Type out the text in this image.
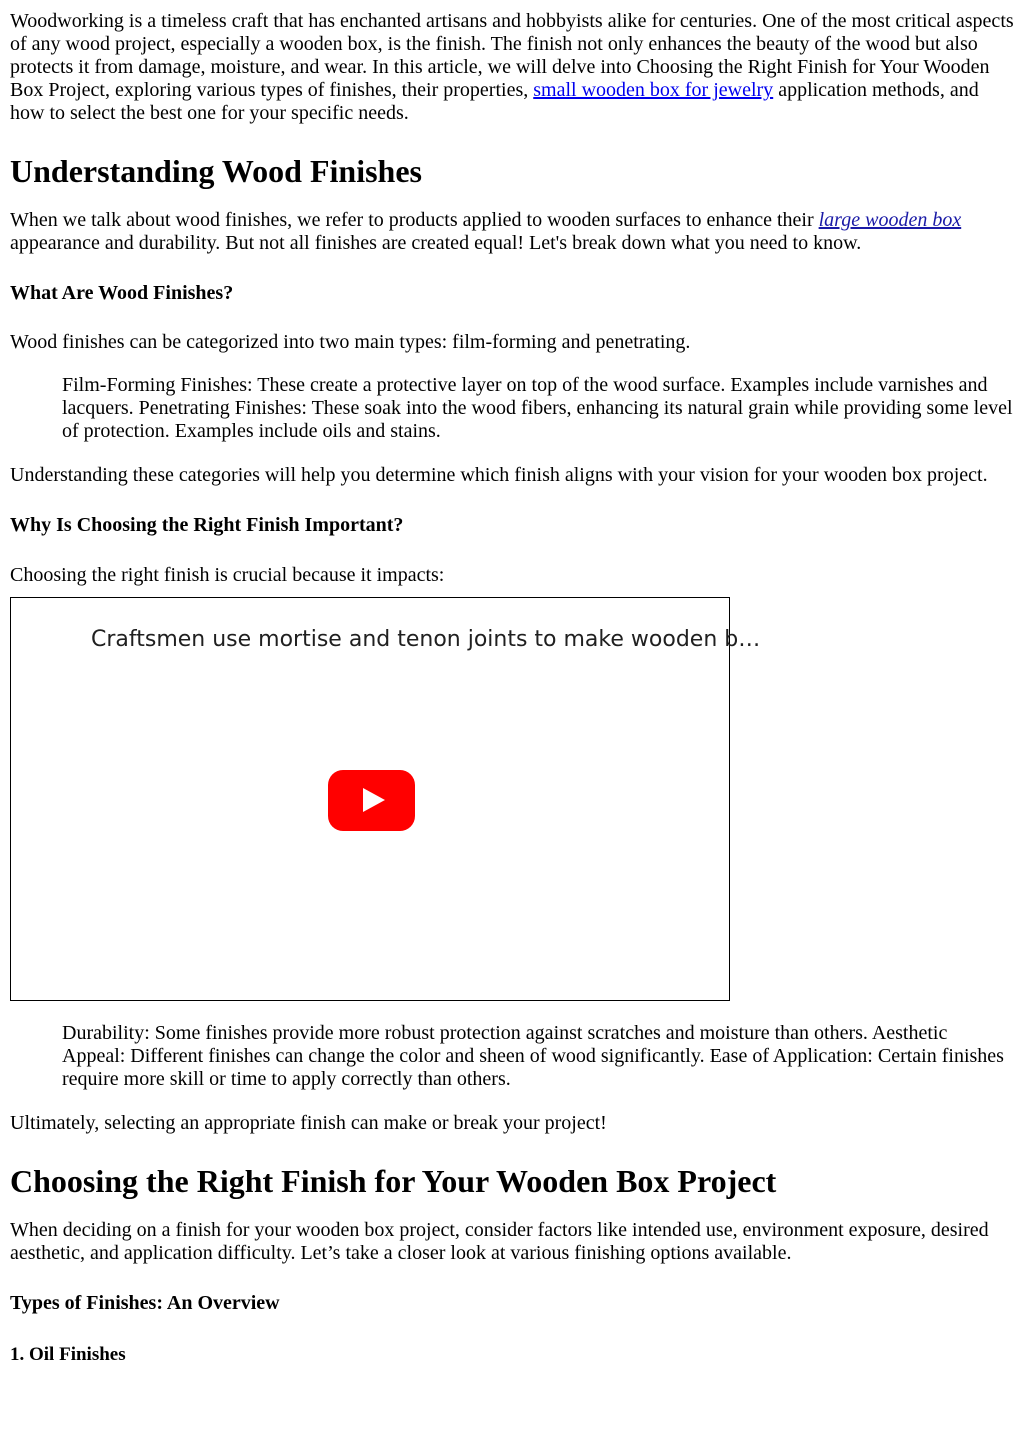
Woodworking is a timeless craft that has enchanted artisans and hobbyists alike for centuries. One of the most critical aspects of any wood project, especially a wooden box, is the finish. The finish not only enhances the beauty of the wood but also protects it from damage, moisture, and wear. In this article, we will delve into Choosing the Right Finish for Your Wooden Box Project, exploring various types of finishes, their properties, small wooden box for jewelry application methods, and how to select the best one for your specific needs.

Understanding Wood Finishes

When we talk about wood finishes, we refer to products applied to wooden surfaces to enhance their large wooden box appearance and durability. But not all finishes are created equal! Let's break down what you need to know.

What Are Wood Finishes?

Wood finishes can be categorized into two main types: film-forming and penetrating.

Film-Forming Finishes: These create a protective layer on top of the wood surface. Examples include varnishes and lacquers. Penetrating Finishes: These soak into the wood fibers, enhancing its natural grain while providing some level of protection. Examples include oils and stains.

Understanding these categories will help you determine which finish aligns with your vision for your wooden box project.

Why Is Choosing the Right Finish Important?

Choosing the right finish is crucial because it impacts:

Craftsmen use mortise and tenon joints to make wooden b…

Durability: Some finishes provide more robust protection against scratches and moisture than others. Aesthetic Appeal: Different finishes can change the color and sheen of wood significantly. Ease of Application: Certain finishes require more skill or time to apply correctly than others.

Ultimately, selecting an appropriate finish can make or break your project!

Choosing the Right Finish for Your Wooden Box Project

When deciding on a finish for your wooden box project, consider factors like intended use, environment exposure, desired aesthetic, and application difficulty. Let’s take a closer look at various finishing options available.

Types of Finishes: An Overview
1. Oil Finishes
